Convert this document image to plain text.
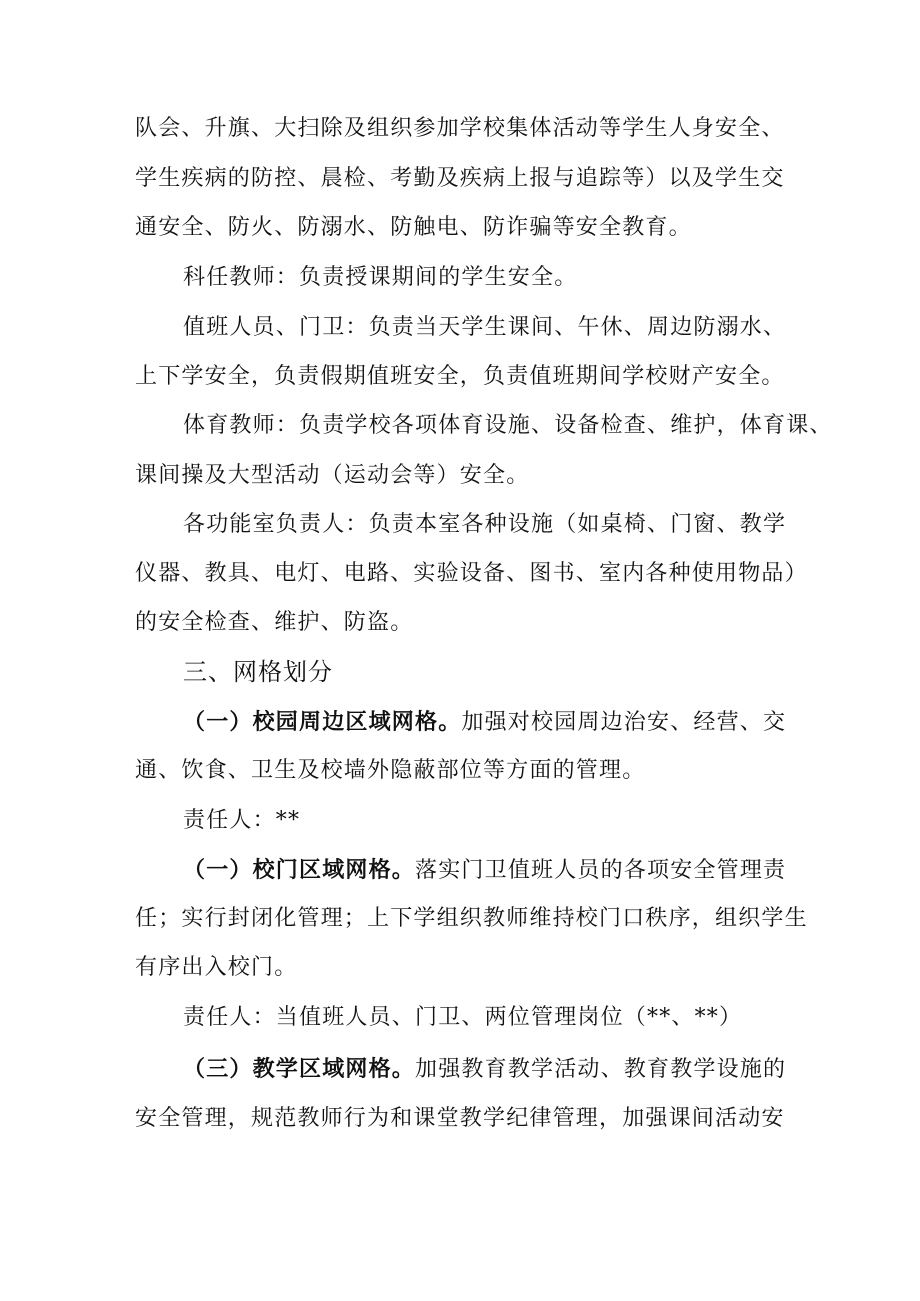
队会、升旗、大扫除及组织参加学校集体活动等学生人身安全、
学生疾病的防控、晨检、考勤及疾病上报与追踪等）以及学生交
通安全、防火、防溺水、防触电、防诈骗等安全教育。
科任教师：负责授课期间的学生安全。
值班人员、门卫：负责当天学生课间、午休、周边防溺水、
上下学安全，负责假期值班安全，负责值班期间学校财产安全。
体育教师：负责学校各项体育设施、设备检查、维护，体育课、
课间操及大型活动（运动会等）安全。
各功能室负责人：负责本室各种设施（如桌椅、门窗、教学
仪器、教具、电灯、电路、实验设备、图书、室内各种使用物品）
的安全检查、维护、防盗。
三、网格划分
（一）校园周边区域网格。加强对校园周边治安、经营、交
通、饮食、卫生及校墙外隐蔽部位等方面的管理。
责任人：**
（一）校门区域网格。落实门卫值班人员的各项安全管理责
任；实行封闭化管理；上下学组织教师维持校门口秩序，组织学生
有序出入校门。
责任人：当值班人员、门卫、两位管理岗位（**、**）
（三）教学区域网格。加强教育教学活动、教育教学设施的
安全管理，规范教师行为和课堂教学纪律管理，加强课间活动安
